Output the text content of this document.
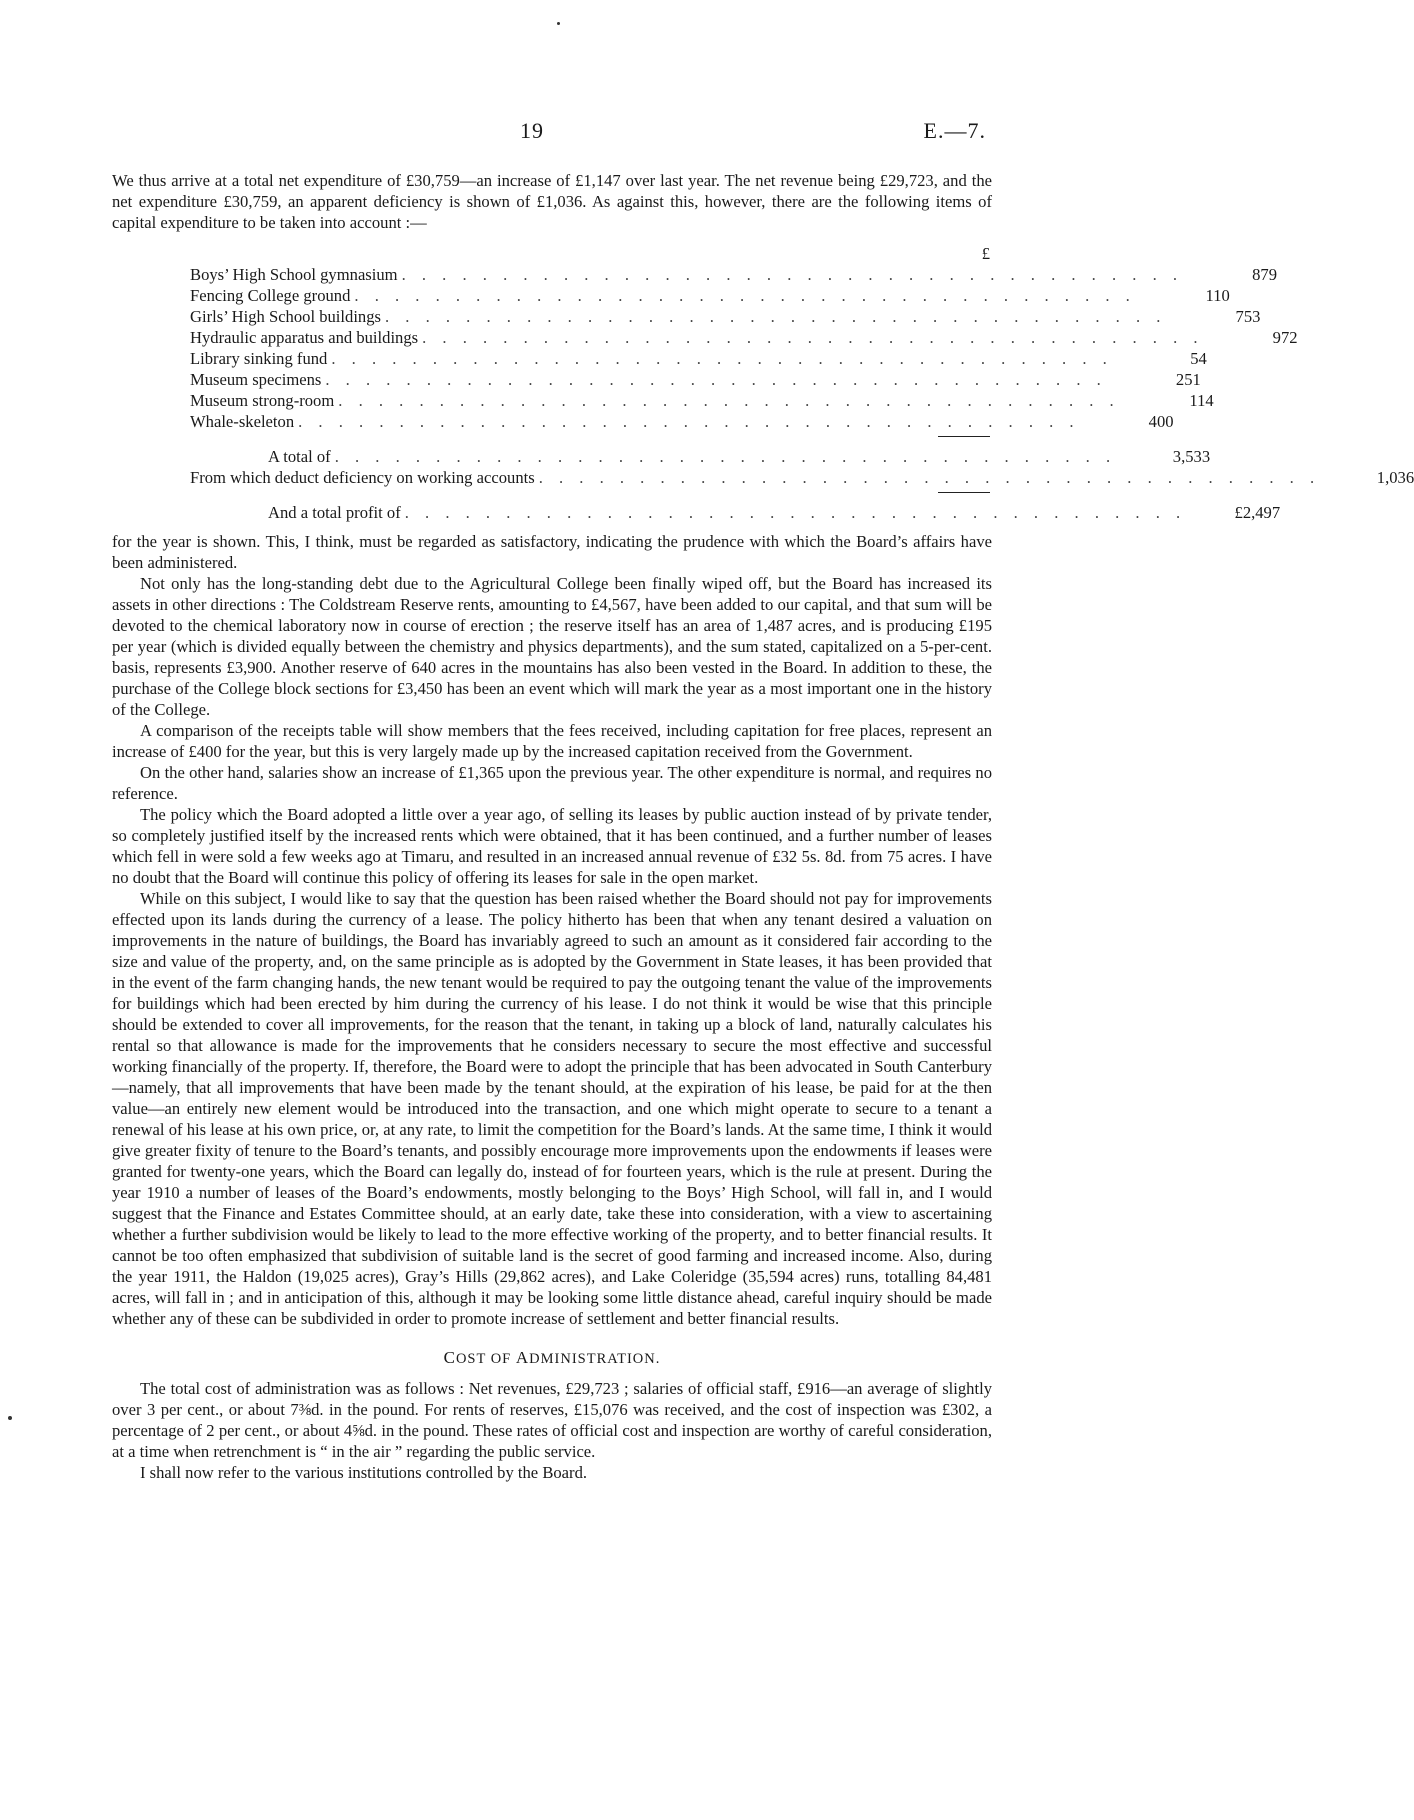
19	E.—7.

We thus arrive at a total net expenditure of £30,759—an increase of £1,147 over last year. The net revenue being £29,723, and the net expenditure £30,759, an apparent deficiency is shown of £1,036. As against this, however, there are the following items of capital expenditure to be taken into account :—

£
Boys’ High School gymnasium . . . . . . . . . . . . . . . . . . . . . . . . . . . . . . . . . . . . . . .	879
Fencing College ground . . . . . . . . . . . . . . . . . . . . . . . . . . . . . . . . . . . . . . .	110
Girls’ High School buildings . . . . . . . . . . . . . . . . . . . . . . . . . . . . . . . . . . . . . . .	753
Hydraulic apparatus and buildings . . . . . . . . . . . . . . . . . . . . . . . . . . . . . . . . . . . . . . .	972
Library sinking fund . . . . . . . . . . . . . . . . . . . . . . . . . . . . . . . . . . . . . . .	54
Museum specimens . . . . . . . . . . . . . . . . . . . . . . . . . . . . . . . . . . . . . . .	251
Museum strong-room . . . . . . . . . . . . . . . . . . . . . . . . . . . . . . . . . . . . . . .	114
Whale-skeleton . . . . . . . . . . . . . . . . . . . . . . . . . . . . . . . . . . . . . . .	400
A total of . . . . . . . . . . . . . . . . . . . . . . . . . . . . . . . . . . . . . . .	3,533
From which deduct deficiency on working accounts . . . . . . . . . . . . . . . . . . . . . . . . . . . . . . . . . . . . . . .	1,036
And a total profit of . . . . . . . . . . . . . . . . . . . . . . . . . . . . . . . . . . . . . . .	£2,497

for the year is shown. This, I think, must be regarded as satisfactory, indicating the prudence with which the Board’s affairs have been administered.

Not only has the long-standing debt due to the Agricultural College been finally wiped off, but the Board has increased its assets in other directions : The Coldstream Reserve rents, amounting to £4,567, have been added to our capital, and that sum will be devoted to the chemical laboratory now in course of erection ; the reserve itself has an area of 1,487 acres, and is producing £195 per year (which is divided equally between the chemistry and physics departments), and the sum stated, capitalized on a 5-per-cent. basis, represents £3,900. Another reserve of 640 acres in the mountains has also been vested in the Board. In addition to these, the purchase of the College block sections for £3,450 has been an event which will mark the year as a most important one in the history of the College.

A comparison of the receipts table will show members that the fees received, including capitation for free places, represent an increase of £400 for the year, but this is very largely made up by the increased capitation received from the Government.

On the other hand, salaries show an increase of £1,365 upon the previous year. The other expenditure is normal, and requires no reference.

The policy which the Board adopted a little over a year ago, of selling its leases by public auction instead of by private tender, so completely justified itself by the increased rents which were obtained, that it has been continued, and a further number of leases which fell in were sold a few weeks ago at Timaru, and resulted in an increased annual revenue of £32 5s. 8d. from 75 acres. I have no doubt that the Board will continue this policy of offering its leases for sale in the open market.

While on this subject, I would like to say that the question has been raised whether the Board should not pay for improvements effected upon its lands during the currency of a lease. The policy hitherto has been that when any tenant desired a valuation on improvements in the nature of buildings, the Board has invariably agreed to such an amount as it considered fair according to the size and value of the property, and, on the same principle as is adopted by the Government in State leases, it has been provided that in the event of the farm changing hands, the new tenant would be required to pay the outgoing tenant the value of the improvements for buildings which had been erected by him during the currency of his lease. I do not think it would be wise that this principle should be extended to cover all improvements, for the reason that the tenant, in taking up a block of land, naturally calculates his rental so that allowance is made for the improvements that he considers necessary to secure the most effective and successful working financially of the property. If, therefore, the Board were to adopt the principle that has been advocated in South Canterbury—namely, that all improvements that have been made by the tenant should, at the expiration of his lease, be paid for at the then value—an entirely new element would be introduced into the transaction, and one which might operate to secure to a tenant a renewal of his lease at his own price, or, at any rate, to limit the competition for the Board’s lands. At the same time, I think it would give greater fixity of tenure to the Board’s tenants, and possibly encourage more improvements upon the endowments if leases were granted for twenty-one years, which the Board can legally do, instead of for fourteen years, which is the rule at present. During the year 1910 a number of leases of the Board’s endowments, mostly belonging to the Boys’ High School, will fall in, and I would suggest that the Finance and Estates Committee should, at an early date, take these into consideration, with a view to ascertaining whether a further subdivision would be likely to lead to the more effective working of the property, and to better financial results. It cannot be too often emphasized that subdivision of suitable land is the secret of good farming and increased income. Also, during the year 1911, the Haldon (19,025 acres), Gray’s Hills (29,862 acres), and Lake Coleridge (35,594 acres) runs, totalling 84,481 acres, will fall in ; and in anticipation of this, although it may be looking some little distance ahead, careful inquiry should be made whether any of these can be subdivided in order to promote increase of settlement and better financial results.

COST OF ADMINISTRATION.

The total cost of administration was as follows : Net revenues, £29,723 ; salaries of official staff, £916—an average of slightly over 3 per cent., or about 7⅜d. in the pound. For rents of reserves, £15,076 was received, and the cost of inspection was £302, a percentage of 2 per cent., or about 4⅝d. in the pound. These rates of official cost and inspection are worthy of careful consideration, at a time when retrenchment is “ in the air ” regarding the public service.

I shall now refer to the various institutions controlled by the Board.
